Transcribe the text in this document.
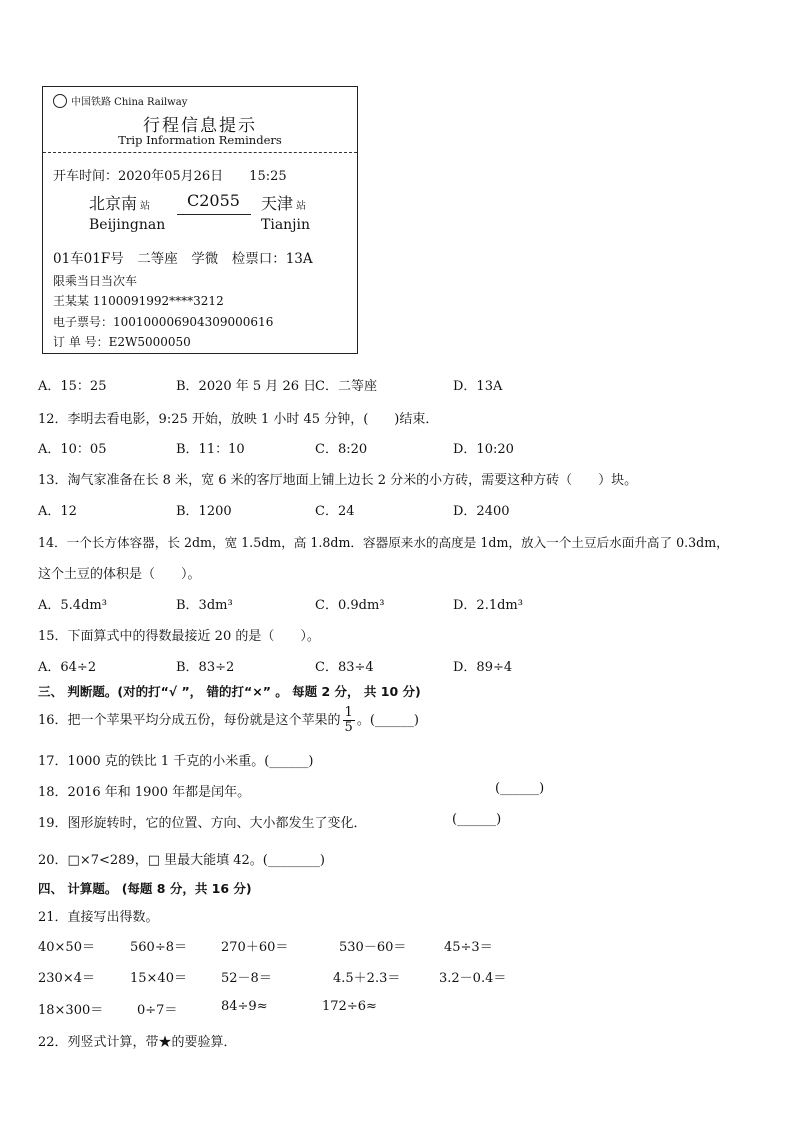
中国铁路 China Railway
行程信息提示
Trip Information Reminders
开车时间：2020年05月26日　　15:25
北京南 站
Beijingnan
C2055 天津 站
Tianjin
01车01F号　二等座　学微　检票口：13A
限乘当日当次车
王某某 1100091992****3212
电子票号：10010000690430900061​6
订 单 号：E2W5000050
A．15：25	B．2020 年 5 月 26 日
C．二等座	D．13A
12．李明去看电影，9:25 开始，放映 1 小时 45 分钟，(　　)结束．
A．10：05	B．11：10	C．8:20	D．10:20
13．淘气家准备在长 8 米，宽 6 米的客厅地面上铺上边长 2 分米的小方砖，需要这种方砖（　　）块。
A．12	B．1200	C．24	D．2400
14．一个长方体容器，长 2dm，宽 1.5dm，高 1.8dm．容器原来水的高度是 1dm，放入一个土豆后水面升高了 0.3dm，
这个土豆的体积是（　　）。
A．5.4dm³	B．3dm³	C．0.9dm³	D．2.1dm³
15．下面算式中的得数最接近 20 的是（　　）。
A．64÷2	B．83÷2	C．83÷4	D．89÷4
三、 判断题。(对的打“√ ”， 错的打“×” 。 每题 2 分， 共 10 分)
16．把一个苹果平均分成五份，每份就是这个苹果的 $\frac{1}{5}$ 。(______)
17．1000 克的铁比 1 千克的小米重。(______)
18．2016 年和 1900 年都是闰年。	(______)
19．图形旋转时，它的位置、方向、大小都发生了变化．	(______)
20．□×7<289，□ 里最大能填 42。(________)
四、 计算题。 (每题 8 分，共 16 分)
21．直接写出得数。
40×50＝	560÷8＝	270＋60＝	530－60＝	45÷3＝
230×4＝	15×40＝	52－8＝	4.5＋2.3＝	3.2－0.4＝
18×300＝	0÷7＝	84÷9≈	172÷6≈
22．列竖式计算，带★的要验算．
